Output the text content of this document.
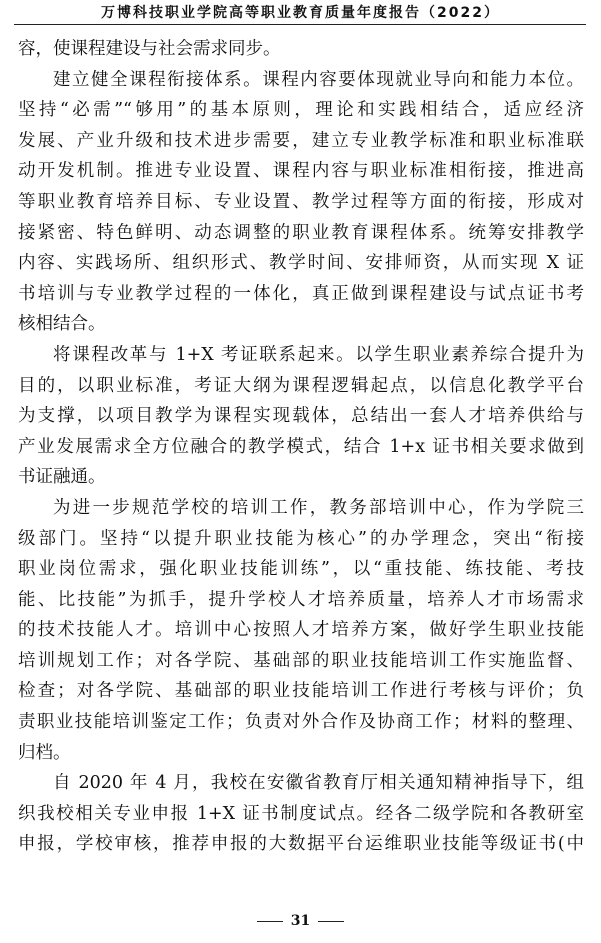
万博科技职业学院高等职业教育质量年度报告（2022）

容，使课程建设与社会需求同步。

建立健全课程衔接体系。课程内容要体现就业导向和能力本位。
坚持“必需”“够用”的基本原则，理论和实践相结合，适应经济
发展、产业升级和技术进步需要，建立专业教学标准和职业标准联
动开发机制。推进专业设置、课程内容与职业标准相衔接，推进高
等职业教育培养目标、专业设置、教学过程等方面的衔接，形成对
接紧密、特色鲜明、动态调整的职业教育课程体系。统筹安排教学
内容、实践场所、组织形式、教学时间、安排师资，从而实现 X 证
书培训与专业教学过程的一体化，真正做到课程建设与试点证书考
核相结合。

将课程改革与 1+X 考证联系起来。以学生职业素养综合提升为
目的，以职业标准，考证大纲为课程逻辑起点，以信息化教学平台
为支撑，以项目教学为课程实现载体，总结出一套人才培养供给与
产业发展需求全方位融合的教学模式，结合 1+x 证书相关要求做到
书证融通。

为进一步规范学校的培训工作，教务部培训中心，作为学院三
级部门。坚持“以提升职业技能为核心”的办学理念，突出“衔接
职业岗位需求，强化职业技能训练”，以“重技能、练技能、考技
能、比技能”为抓手，提升学校人才培养质量，培养人才市场需求
的技术技能人才。培训中心按照人才培养方案，做好学生职业技能
培训规划工作；对各学院、基础部的职业技能培训工作实施监督、
检查；对各学院、基础部的职业技能培训工作进行考核与评价；负
责职业技能培训鉴定工作；负责对外合作及协商工作；材料的整理、
归档。

自 2020 年 4 月，我校在安徽省教育厅相关通知精神指导下，组
织我校相关专业申报 1+X 证书制度试点。经各二级学院和各教研室
申报，学校审核，推荐申报的大数据平台运维职业技能等级证书(中

31
